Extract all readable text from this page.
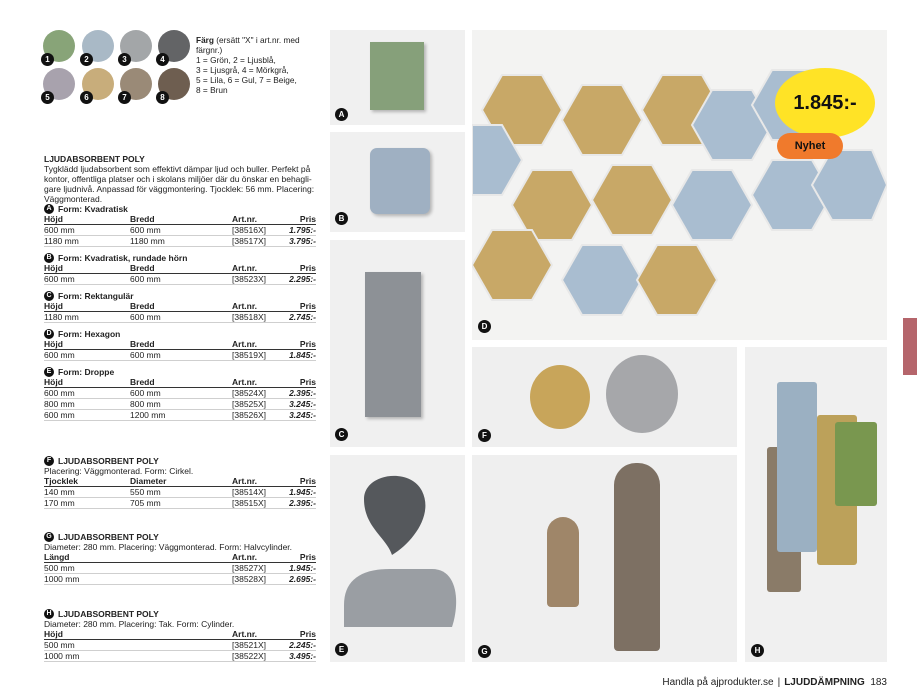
1	2	3	4
5	6	7	8
Färg (ersätt "X" i art.nr. med
färgnr.)
1 = Grön, 2 = Ljusblå,
3 = Ljusgrå, 4 = Mörkgrå,
5 = Lila, 6 = Gul, 7 = Beige,
8 = Brun
LJUDABSORBENT POLY
Tygklädd ljudabsorbent som effektivt dämpar ljud och buller. Perfekt på
kontor, offentliga platser och i skolans miljöer där du önskar en behagli-
gare ljudnivå. Anpassad för väggmontering. Tjocklek: 56 mm. Placering:
Väggmonterad.
A Form: Kvadratisk
Höjd	Bredd	Art.nr.	Pris
600 mm	600 mm	[38516X]	1.795:-
1180 mm	1180 mm	[38517X]	3.795:-
B Form: Kvadratisk, rundade hörn
Höjd	Bredd	Art.nr.	Pris
600 mm	600 mm	[38523X]	2.295:-
C Form: Rektangulär
Höjd	Bredd	Art.nr.	Pris
1180 mm	600 mm	[38518X]	2.745:-
D Form: Hexagon
Höjd	Bredd	Art.nr.	Pris
600 mm	600 mm	[38519X]	1.845:-
E Form: Droppe
Höjd	Bredd	Art.nr.	Pris
600 mm	600 mm	[38524X]	2.395:-
800 mm	800 mm	[38525X]	3.245:-
600 mm	1200 mm	[38526X]	3.245:-
F LJUDABSORBENT POLY
Placering: Väggmonterad. Form: Cirkel.
Tjocklek	Diameter	Art.nr.	Pris
140 mm	550 mm	[38514X]	1.945:-
170 mm	705 mm	[38515X]	2.395:-
G LJUDABSORBENT POLY
Diameter: 280 mm. Placering: Väggmonterad. Form: Halvcylinder.
Längd		Art.nr.	Pris
500 mm		[38527X]	1.945:-
1000 mm		[38528X]	2.695:-
H LJUDABSORBENT POLY
Diameter: 280 mm. Placering: Tak. Form: Cylinder.
Höjd		Art.nr.	Pris
500 mm		[38521X]	2.245:-
1000 mm		[38522X]	3.495:-
A
B
C
E
D
F
G	H
1.845:-
Nyhet
Handla på ajprodukter.se | LJUDDÄMPNING 183
